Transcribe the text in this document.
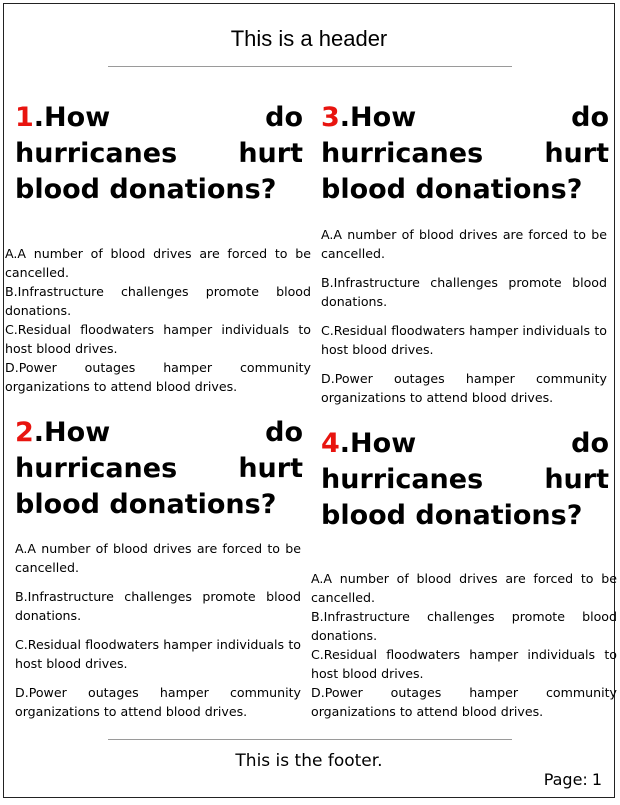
This is a header
1.How do hurricanes hurt blood donations?

A.A number of blood drives are forced to be cancelled.

B.Infrastructure challenges promote blood donations.

C.Residual floodwaters hamper individuals to host blood drives.

D.Power outages hamper community organizations to attend blood drives.

2.How do hurricanes hurt blood donations?

A.A number of blood drives are forced to be cancelled.

B.Infrastructure challenges promote blood donations.

C.Residual floodwaters hamper individuals to host blood drives.

D.Power outages hamper community organizations to attend blood drives.

3.How do hurricanes hurt blood donations?

A.A number of blood drives are forced to be cancelled.

B.Infrastructure challenges promote blood donations.

C.Residual floodwaters hamper individuals to host blood drives.

D.Power outages hamper community organizations to attend blood drives.

4.How do hurricanes hurt blood donations?

A.A number of blood drives are forced to be cancelled.

B.Infrastructure challenges promote blood donations.

C.Residual floodwaters hamper individuals to host blood drives.

D.Power outages hamper community organizations to attend blood drives.

This is the footer.
Page: 1
